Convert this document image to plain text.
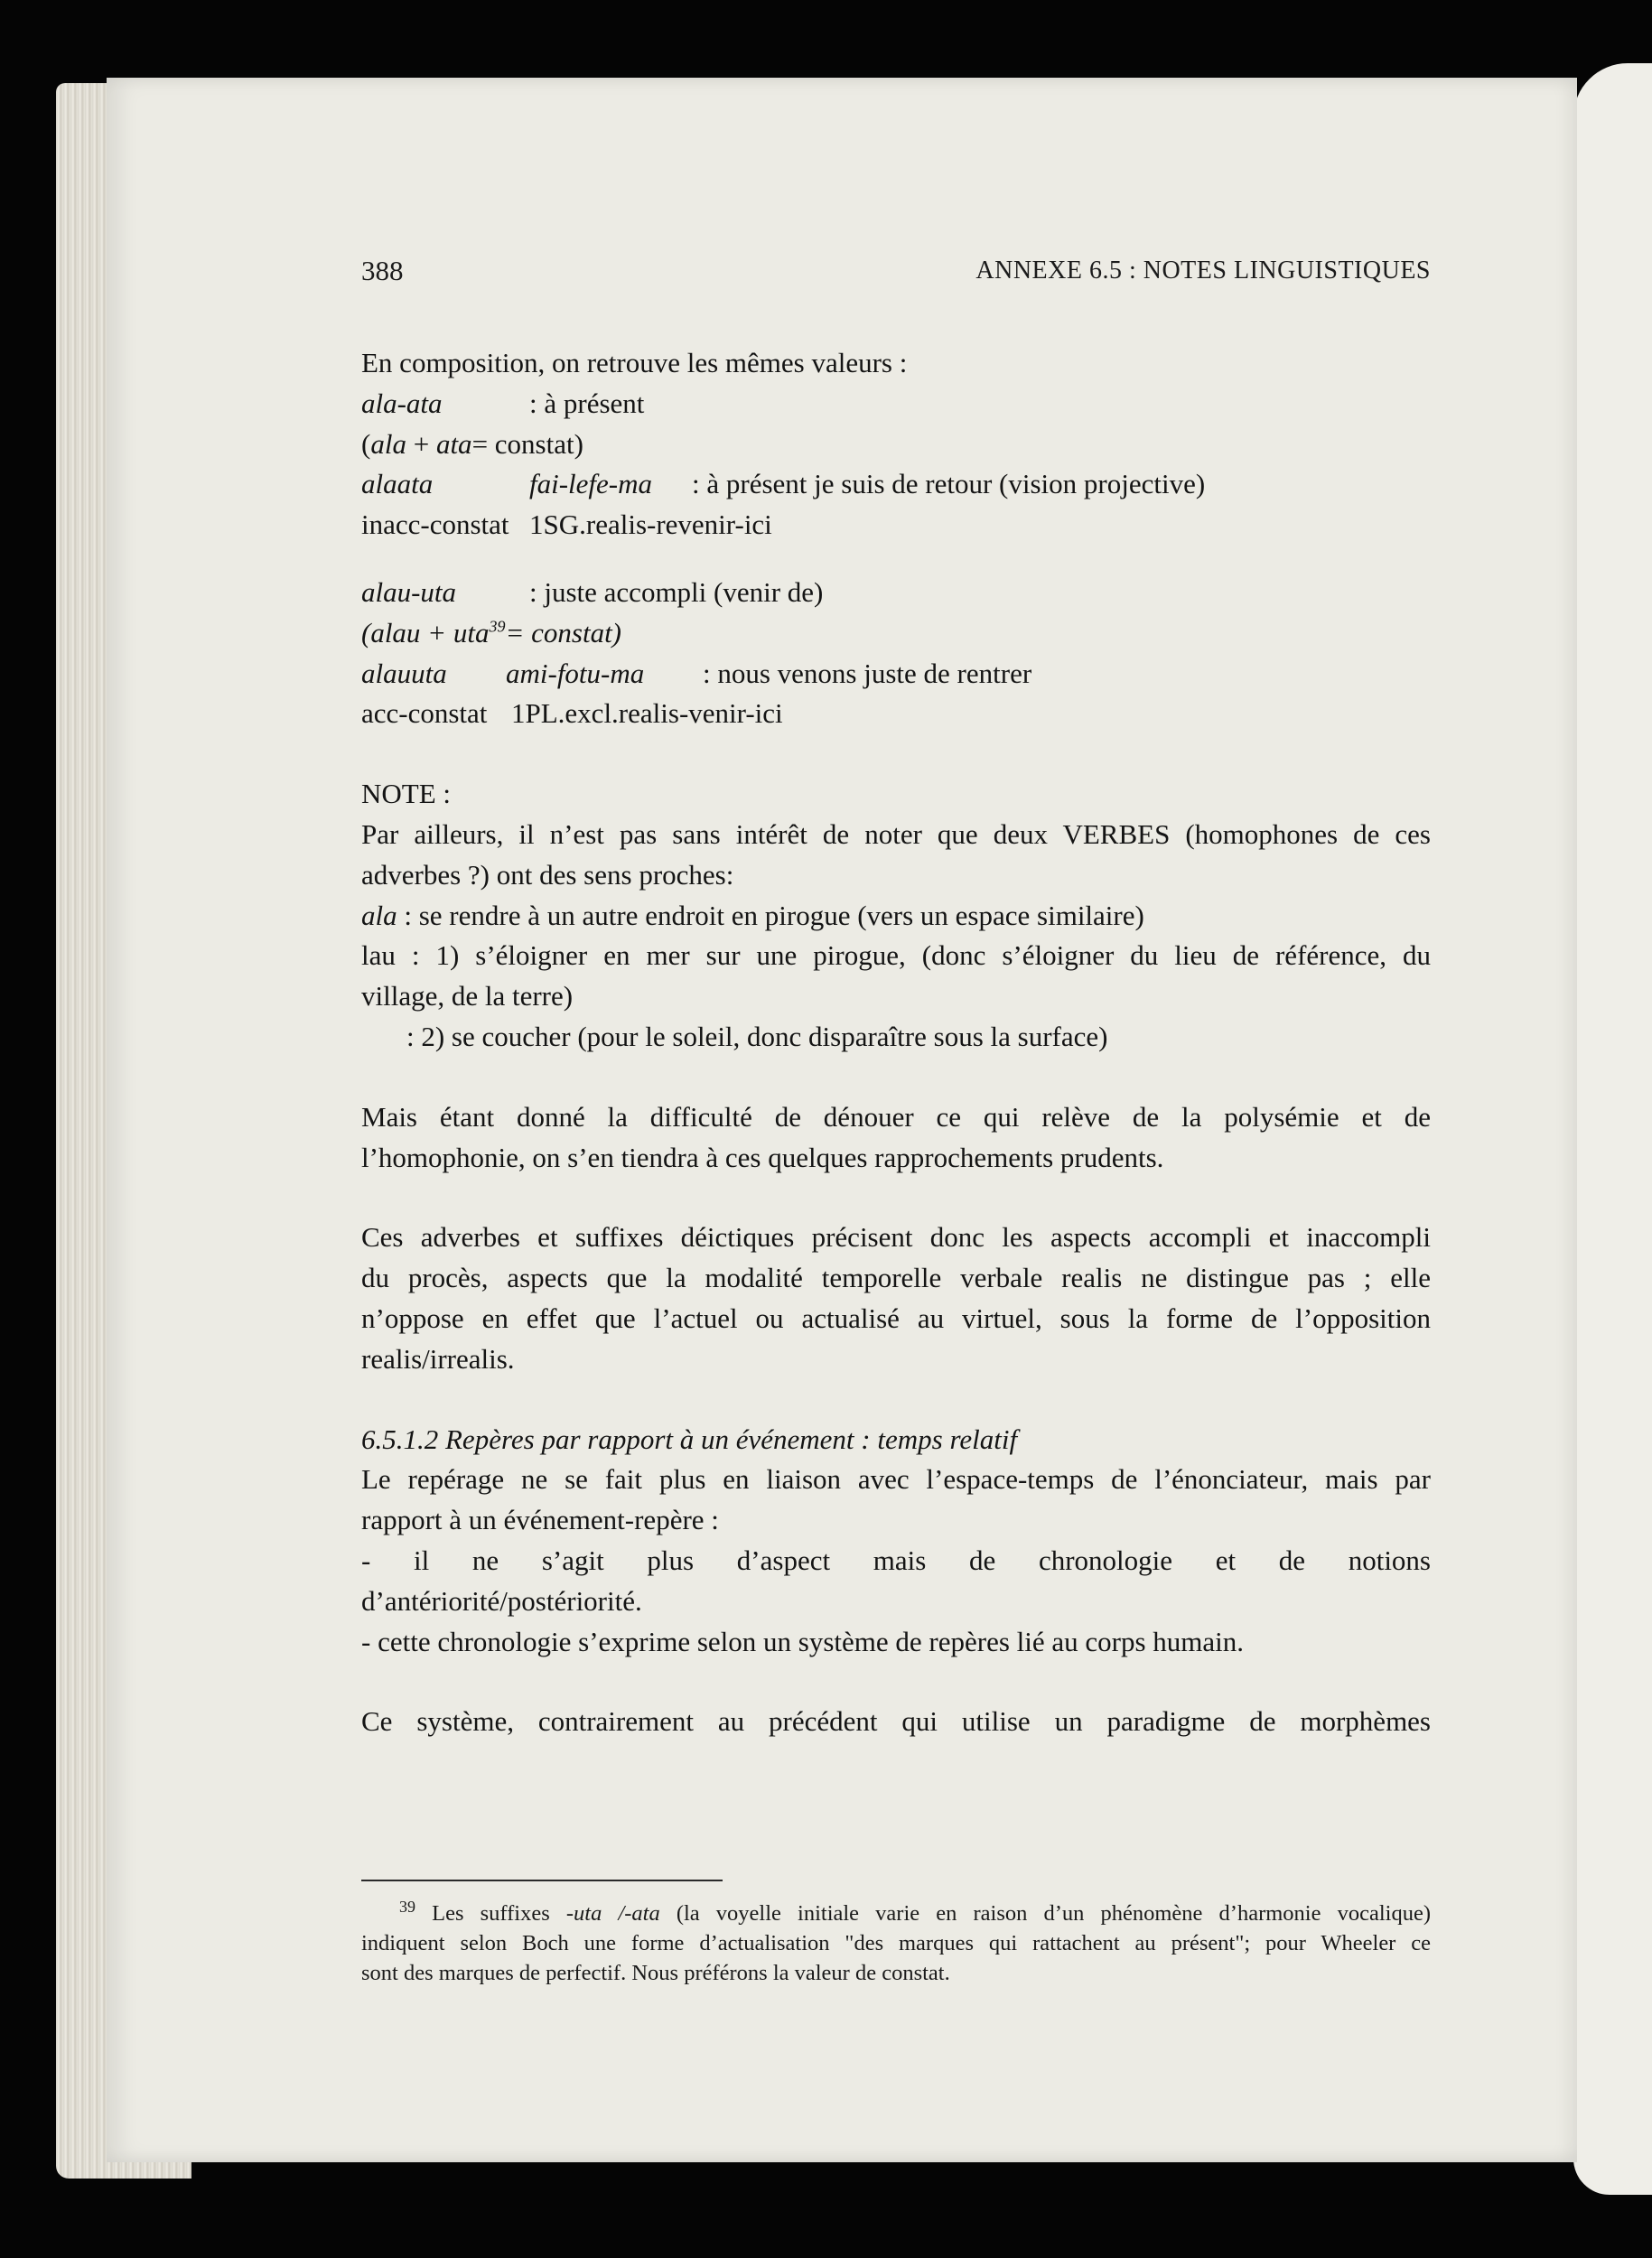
388	ANNEXE 6.5 : NOTES LINGUISTIQUES
En composition, on retrouve les mêmes valeurs :
ala-ata	: à présent
(ala + ata= constat)
alaata	fai-lefe-ma : à présent je suis de retour (vision projective)
inacc-constat 1SG.realis-revenir-ici
alau-uta	: juste accompli (venir de)
(alau + uta$^{39}$= constat)
alauuta ami-fotu-ma : nous venons juste de rentrer
acc-constat 1PL.excl.realis-venir-ici
NOTE :
Par ailleurs, il n’est pas sans intérêt de noter que deux VERBES (homophones de ces
adverbes ?) ont des sens proches:
ala : se rendre à un autre endroit en pirogue (vers un espace similaire)
lau : 1) s’éloigner en mer sur une pirogue, (donc s’éloigner du lieu de référence, du
village, de la terre)
: 2) se coucher (pour le soleil, donc disparaître sous la surface)
Mais étant donné la difficulté de dénouer ce qui relève de la polysémie et de
l’homophonie, on s’en tiendra à ces quelques rapprochements prudents.
Ces adverbes et suffixes déictiques précisent donc les aspects accompli et inaccompli
du procès, aspects que la modalité temporelle verbale realis ne distingue pas ; elle
n’oppose en effet que l’actuel ou actualisé au virtuel, sous la forme de l’opposition
realis/irrealis.
6.5.1.2 Repères par rapport à un événement : temps relatif
Le repérage ne se fait plus en liaison avec l’espace-temps de l’énonciateur, mais par
rapport à un événement-repère :
- il ne s’agit plus d’aspect mais de chronologie et de notions
d’antériorité/postériorité.
- cette chronologie s’exprime selon un système de repères lié au corps humain.
Ce système, contrairement au précédent qui utilise un paradigme de morphèmes
$^{39}$ Les suffixes -uta /-ata (la voyelle initiale varie en raison d’un phénomène d’harmonie vocalique)
indiquent selon Boch une forme d’actualisation "des marques qui rattachent au présent"; pour Wheeler ce
sont des marques de perfectif. Nous préférons la valeur de constat.
